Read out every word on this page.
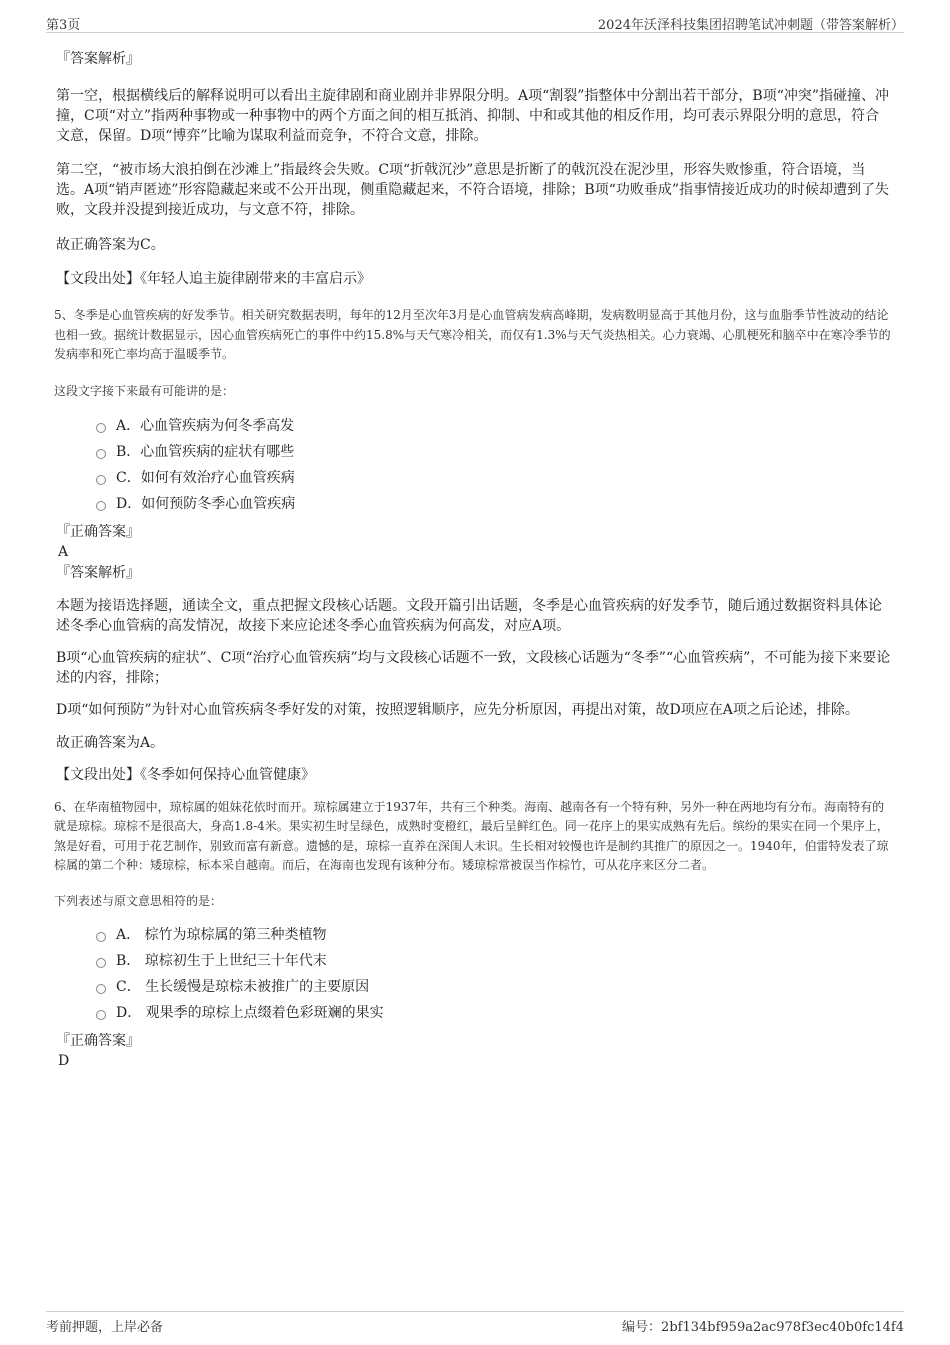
第3页	2024年沃泽科技集团招聘笔试冲刺题（带答案解析）
『答案解析』

第一空，根据横线后的解释说明可以看出主旋律剧和商业剧并非界限分明。A项“割裂”指整体中分割出若干部分，B项“冲突”指碰撞、冲撞，C项“对立”指两种事物或一种事物中的两个方面之间的相互抵消、抑制、中和或其他的相反作用，均可表示界限分明的意思，符合文意，保留。D项“博弈”比喻为谋取利益而竞争，不符合文意，排除。

第二空，“被市场大浪拍倒在沙滩上”指最终会失败。C项“折戟沉沙”意思是折断了的戟沉没在泥沙里，形容失败惨重，符合语境，当选。A项“销声匿迹”形容隐藏起来或不公开出现，侧重隐藏起来，不符合语境，排除；B项“功败垂成”指事情接近成功的时候却遭到了失败，文段并没提到接近成功，与文意不符，排除。

故正确答案为C。

【文段出处】《年轻人追主旋律剧带来的丰富启示》

5、冬季是心血管疾病的好发季节。相关研究数据表明，每年的12月至次年3月是心血管病发病高峰期，发病数明显高于其他月份，这与血脂季节性波动的结论也相一致。据统计数据显示，因心血管疾病死亡的事件中约15.8%与天气寒冷相关，而仅有1.3%与天气炎热相关。心力衰竭、心肌梗死和脑卒中在寒冷季节的发病率和死亡率均高于温暖季节。

这段文字接下来最有可能讲的是：

A．心血管疾病为何冬季高发
B．心血管疾病的症状有哪些
C．如何有效治疗心血管疾病
D．如何预防冬季心血管疾病
『正确答案』
A
『答案解析』

本题为接语选择题，通读全文，重点把握文段核心话题。文段开篇引出话题，冬季是心血管疾病的好发季节，随后通过数据资料具体论述冬季心血管病的高发情况，故接下来应论述冬季心血管疾病为何高发，对应A项。

B项“心血管疾病的症状”、C项“治疗心血管疾病”均与文段核心话题不一致，文段核心话题为“冬季”“心血管疾病”，不可能为接下来要论述的内容，排除；

D项“如何预防”为针对心血管疾病冬季好发的对策，按照逻辑顺序，应先分析原因，再提出对策，故D项应在A项之后论述，排除。

故正确答案为A。

【文段出处】《冬季如何保持心血管健康》

6、在华南植物园中，琼棕属的姐妹花依时而开。琼棕属建立于1937年，共有三个种类。海南、越南各有一个特有种，另外一种在两地均有分布。海南特有的就是琼棕。琼棕不是很高大，身高1.8-4米。果实初生时呈绿色，成熟时变橙红，最后呈鲜红色。同一花序上的果实成熟有先后。缤纷的果实在同一个果序上，煞是好看，可用于花艺制作，别致而富有新意。遗憾的是，琼棕一直养在深闺人未识。生长相对较慢也许是制约其推广的原因之一。1940年，伯雷特发表了琼棕属的第二个种：矮琼棕，标本采自越南。而后，在海南也发现有该种分布。矮琼棕常被误当作棕竹，可从花序来区分二者。

下列表述与原文意思相符的是：

A． 棕竹为琼棕属的第三种类植物
B． 琼棕初生于上世纪三十年代末
C． 生长缓慢是琼棕未被推广的主要原因
D． 观果季的琼棕上点缀着色彩斑斓的果实
『正确答案』
D
考前押题，上岸必备	编号：2bf134bf959a2ac978f3ec40b0fc14f4
